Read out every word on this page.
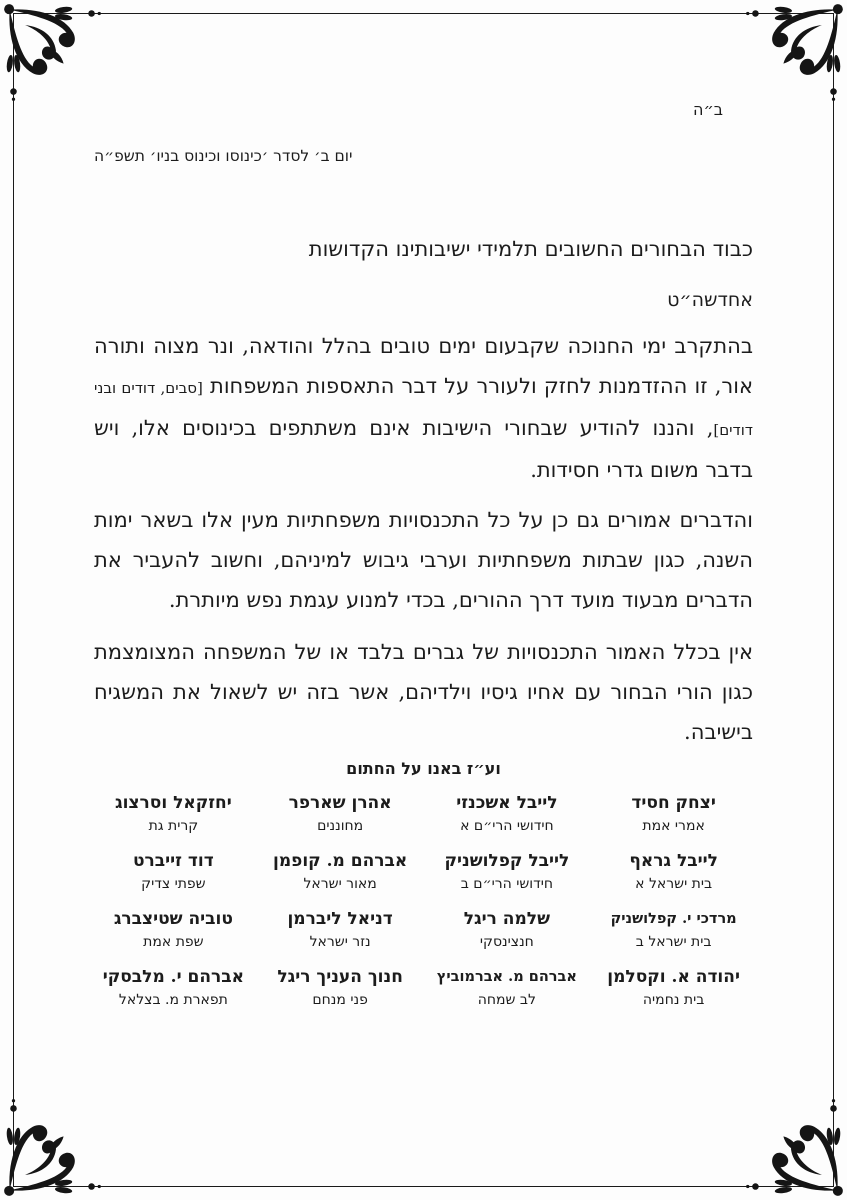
ב״ה
יום ב׳ לסדר ׳כינוסו וכינוס בניו׳ תשפ״ה
כבוד הבחורים החשובים תלמידי ישיבותינו הקדושות
אחדשה״ט

בהתקרב ימי החנוכה שקבעום ימים טובים בהלל והודאה, ונר מצוה ותורה אור, זו ההזדמנות לחזק ולעורר על דבר התאספות המשפחות [סבים, דודים ובני דודים], והננו להודיע שבחורי הישיבות אינם משתתפים בכינוסים אלו, ויש בדבר משום גדרי חסידות.

והדברים אמורים גם כן על כל התכנסויות משפחתיות מעין אלו בשאר ימות השנה, כגון שבתות משפחתיות וערבי גיבוש למיניהם, וחשוב להעביר את הדברים מבעוד מועד דרך ההורים, בכדי למנוע עגמת נפש מיותרת.

אין בכלל האמור התכנסויות של גברים בלבד או של המשפחה המצומצמת כגון הורי הבחור עם אחיו גיסיו וילדיהם, אשר בזה יש לשאול את המשגיח בישיבה.

וע״ז באנו על החתום
יצחק חסיד
אמרי אמת
לייבל אשכנזי
חידושי הרי״ם א
אהרן שארפר
מחוננים
יחזקאל וסרצוג
קרית גת
לייבל גראף
בית ישראל א
לייבל קפלושניק
חידושי הרי״ם ב
אברהם מ. קופמן
מאור ישראל
דוד זייברט
שפתי צדיק
מרדכי י. קפלושניק
בית ישראל ב
שלמה ריגל
חנצינסקי
דניאל ליברמן
נזר ישראל
טוביה שטיצברג
שפת אמת
יהודה א. וקסלמן
בית נחמיה
אברהם מ. אברמוביץ
לב שמחה
חנוך העניך ריגל
פני מנחם
אברהם י. מלבסקי
תפארת מ. בצלאל
